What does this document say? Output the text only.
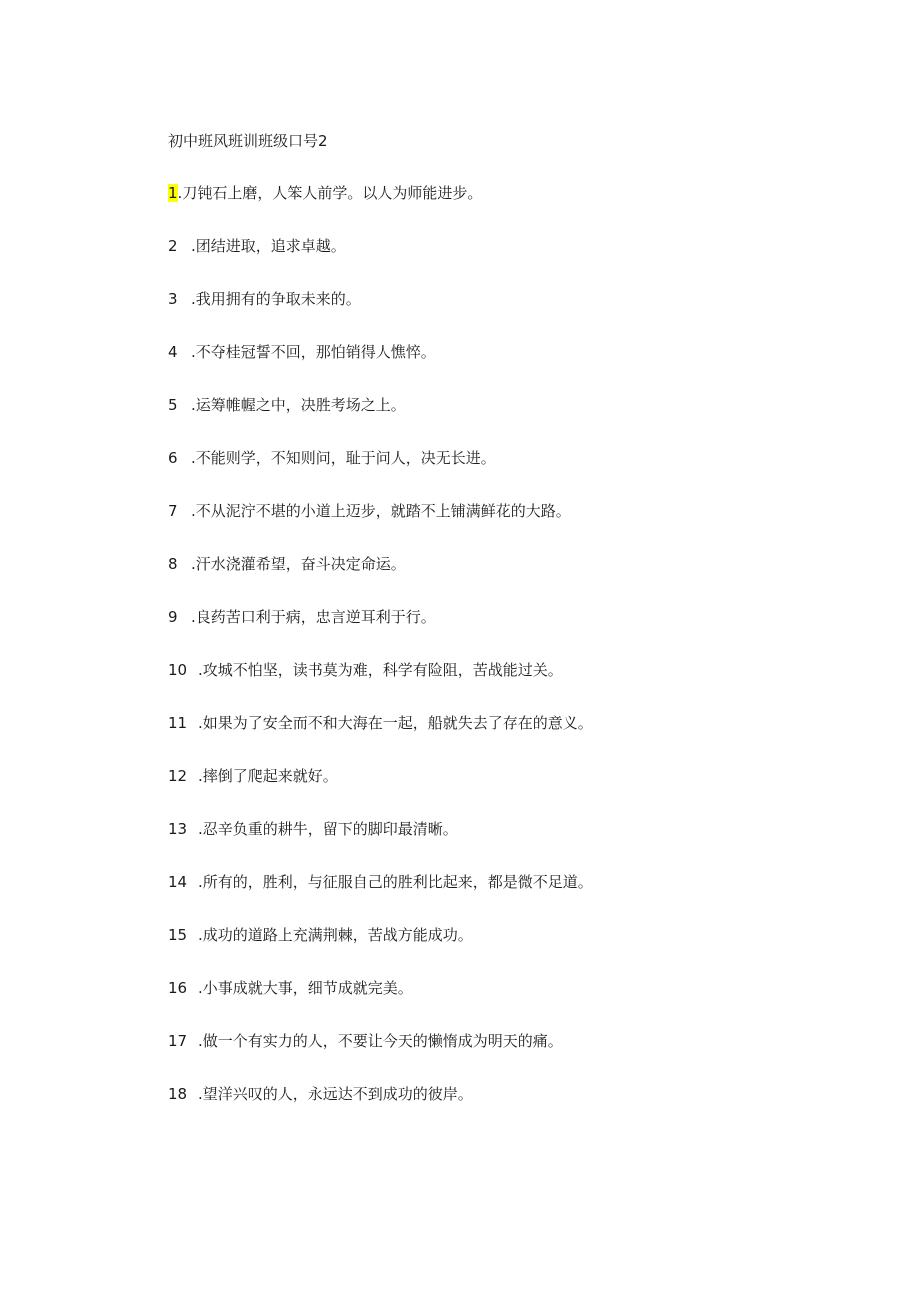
初中班风班训班级口号2
1 .刀钝石上磨，人笨人前学。以人为师能进步。
2 .团结进取，追求卓越。
3 .我用拥有的争取未来的。
4 .不夺桂冠誓不回，那怕销得人憔悴。
5 .运筹帷幄之中，决胜考场之上。
6 .不能则学，不知则问，耻于问人，决无长进。
7 .不从泥泞不堪的小道上迈步，就踏不上铺满鲜花的大路。
8 .汗水浇灌希望，奋斗决定命运。
9 .良药苦口利于病，忠言逆耳利于行。
10 .攻城不怕坚，读书莫为难，科学有险阻，苦战能过关。
11 .如果为了安全而不和大海在一起，船就失去了存在的意义。
12 .摔倒了爬起来就好。
13 .忍辛负重的耕牛，留下的脚印最清晰。
14 .所有的，胜利，与征服自己的胜利比起来，都是微不足道。
15 .成功的道路上充满荆棘，苦战方能成功。
16 .小事成就大事，细节成就完美。
17 .做一个有实力的人，不要让今天的懒惰成为明天的痛。
18 .望洋兴叹的人，永远达不到成功的彼岸。
